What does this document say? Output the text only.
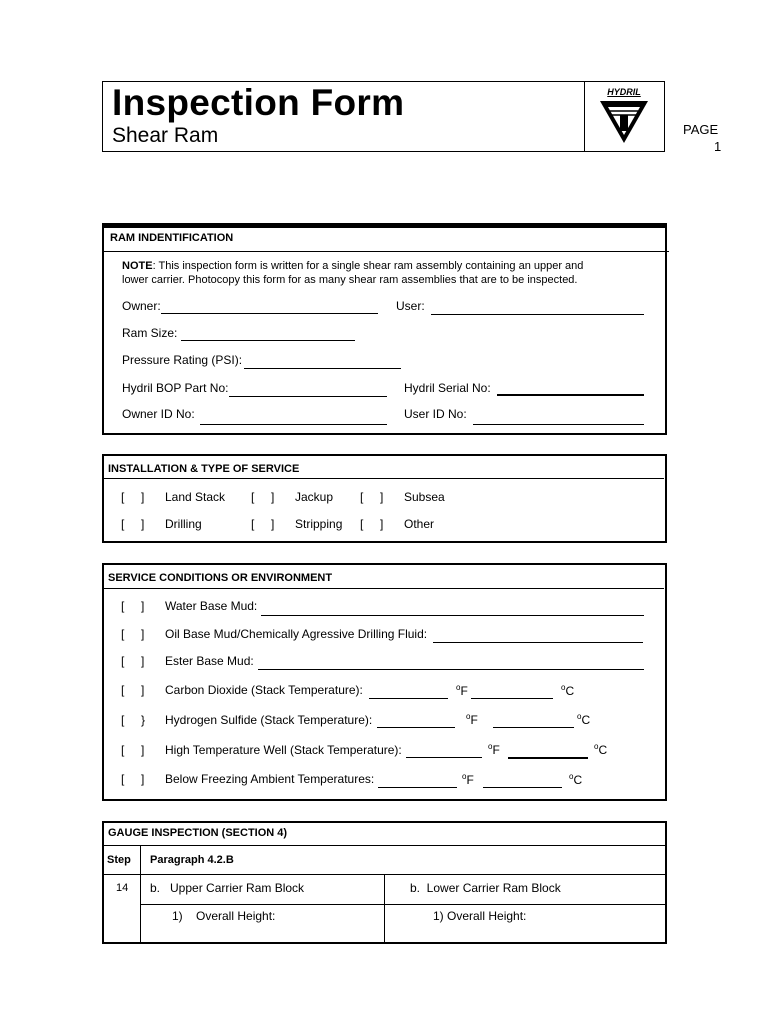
Inspection Form
Shear Ram
HYDRIL
PAGE
1
RAM INDENTIFICATION
NOTE: This inspection form is written for a single shear ram assembly containing an upper and
lower carrier. Photocopy this form for as many shear ram assemblies that are to be inspected.
Owner:	User:
Ram Size:
Pressure Rating (PSI):
Hydril BOP Part No:	Hydril Serial No:
Owner ID No:	User ID No:
INSTALLATION & TYPE OF SERVICE
[     ] Land Stack [     ] Jackup [     ] Subsea
[     ] Drilling	[     ] Stripping [     ] Other
SERVICE CONDITIONS OR ENVIRONMENT
[     ] Water Base Mud:
[     ] Oil Base Mud/Chemically Agressive Drilling Fluid:
[     ] Ester Base Mud:
[     ] Carbon Dioxide (Stack Temperature):	$^o$F	$^o$C
[     } Hydrogen Sulfide (Stack Temperature):	$^o$F	$^o$C
[     ] High Temperature Well (Stack Temperature):	$^o$F	$^o$C
[     ] Below Freezing Ambient Temperatures:	$^o$F	$^o$C
GAUGE INSPECTION (SECTION 4)
Step Paragraph 4.2.B
14 b.   Upper Carrier Ram Block	b.  Lower Carrier Ram Block
1)    Overall Height:	1) Overall Height:
